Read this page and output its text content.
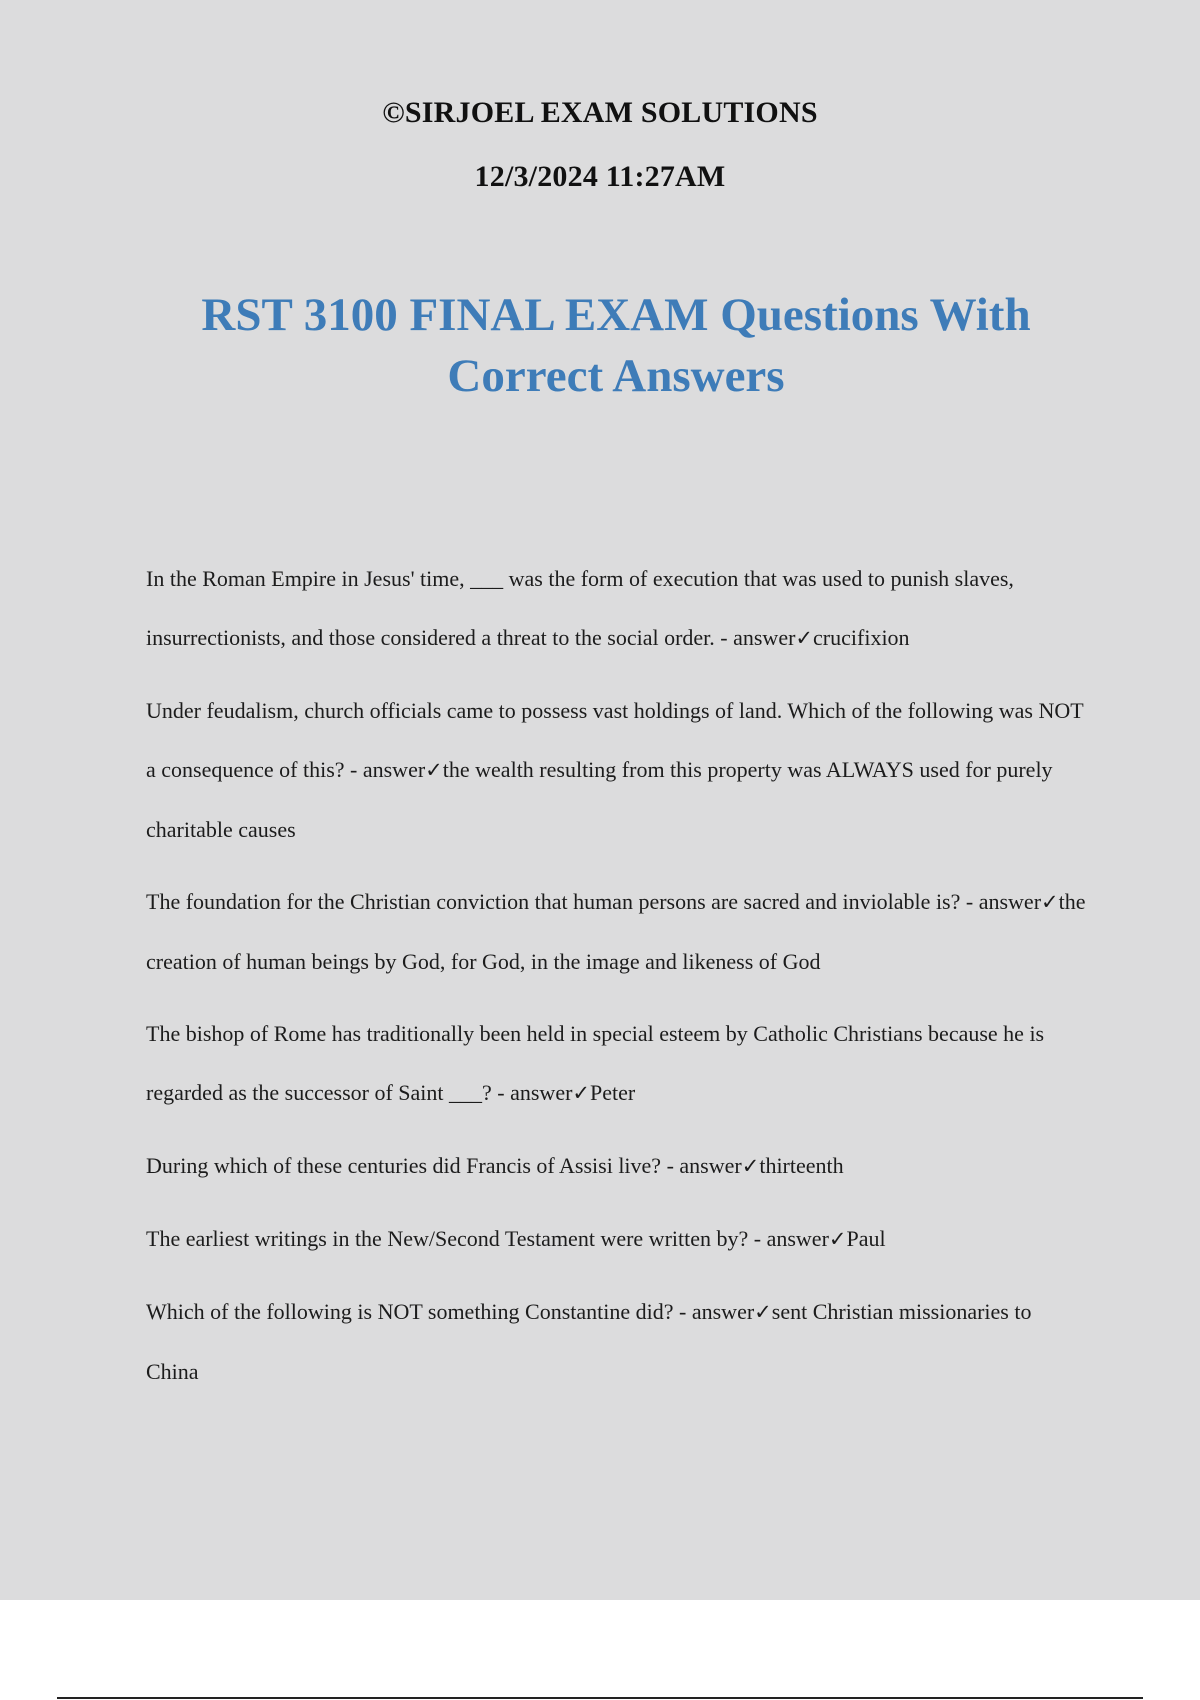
©SIRJOEL EXAM SOLUTIONS
12/3/2024 11:27AM
RST 3100 FINAL EXAM Questions With Correct Answers

In the Roman Empire in Jesus' time, ___ was the form of execution that was used to punish slaves, insurrectionists, and those considered a threat to the social order. - answer✓crucifixion

Under feudalism, church officials came to possess vast holdings of land. Which of the following was NOT a consequence of this? - answer✓the wealth resulting from this property was ALWAYS used for purely charitable causes

The foundation for the Christian conviction that human persons are sacred and inviolable is? - answer✓the creation of human beings by God, for God, in the image and likeness of God

The bishop of Rome has traditionally been held in special esteem by Catholic Christians because he is regarded as the successor of Saint ___? - answer✓Peter

During which of these centuries did Francis of Assisi live? - answer✓thirteenth

The earliest writings in the New/Second Testament were written by? - answer✓Paul

Which of the following is NOT something Constantine did? - answer✓sent Christian missionaries to China
